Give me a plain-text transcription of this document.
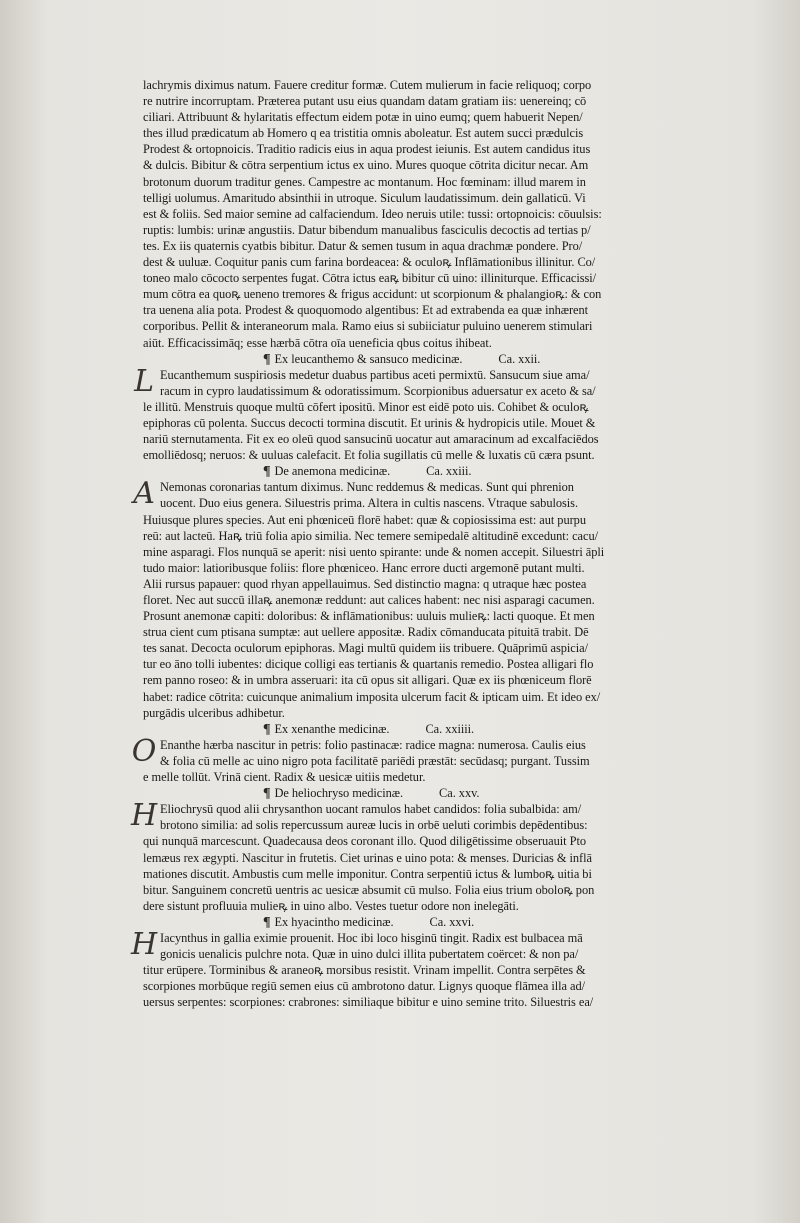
lachrymis diximus natum. Fauere creditur formæ. Cutem mulierum in facie reliquoq; corpo
re nutrire incorruptam. Præterea putant usu eius quandam datam gratiam iis: uenereinq; cō
ciliari. Attribuunt & hylaritatis effectum eidem potæ in uino eumq; quem habuerit Nepen/
thes illud prædicatum ab Homero q ea tristitia omnis aboleatur. Est autem succi prædulcis
Prodest & ortopnoicis. Traditio radicis eius in aqua prodest ieiunis. Est autem candidus itus
& dulcis. Bibitur & cōtra serpentium ictus ex uino. Mures quoque cōtrita dicitur necar. Am
brotonum duorum traditur genes. Campestre ac montanum. Hoc fœminam: illud marem in
telligi uolumus. Amaritudo absinthii in utroque. Siculum laudatissimum. dein gallaticū. Vi
est & foliis. Sed maior semine ad calfaciendum. Ideo neruis utile: tussi: ortopnoicis: cōuulsis:
ruptis: lumbis: urinæ angustiis. Datur bibendum manualibus fasciculis decoctis ad tertias p/
tes. Ex iis quaternis cyatbis bibitur. Datur & semen tusum in aqua drachmæ pondere. Pro/
dest & uuluæ. Coquitur panis cum farina bordeacea: & oculoꝶ Inflāmationibus illinitur. Co/
toneo malo cōcocto serpentes fugat. Cōtra ictus eaꝶ bibitur cū uino: illiniturque. Efficacissi/
mum cōtra ea quoꝶ ueneno tremores & frigus accidunt: ut scorpionum & phalangioꝶ: & con
tra uenena alia pota. Prodest & quoquomodo algentibus: Et ad extrabenda ea quæ inhærent
corporibus. Pellit & interaneorum mala. Ramo eius si subiiciatur puluino uenerem stimulari
aiūt. Efficacissimāq; esse hærbā cōtra oīa ueneficia qbus coitus ihibeat.
¶ Ex leucanthemo & sansuco medicinæ.	Ca. xxii.
L Eucanthemum suspiriosis medetur duabus partibus aceti permixtū. Sansucum siue ama/
racum in cypro laudatissimum & odoratissimum. Scorpionibus aduersatur ex aceto & sa/
le illitū. Menstruis quoque multū cōfert ipositū. Minor est eidē poto uis. Cohibet & oculoꝶ
epiphoras cū polenta. Succus decocti tormina discutit. Et urinis & hydropicis utile. Mouet &
nariū sternutamenta. Fit ex eo oleū quod sansucinū uocatur aut amaracinum ad excalfaciēdos
emolliēdosq; neruos: & uuluas calefacit. Et folia sugillatis cū melle & luxatis cū cæra psunt.
¶ De anemona medicinæ.	Ca. xxiii.
A Nemonas coronarias tantum diximus. Nunc reddemus & medicas. Sunt qui phrenion
uocent. Duo eius genera. Siluestris prima. Altera in cultis nascens. Vtraque sabulosis.
Huiusque plures species. Aut eni phœniceū florē habet: quæ & copiosissima est: aut purpu
reū: aut lacteū. Haꝶ triū folia apio similia. Nec temere semipedalē altitudinē excedunt: cacu/
mine asparagi. Flos nunquā se aperit: nisi uento spirante: unde & nomen accepit. Siluestri āpli
tudo maior: latioribusque foliis: flore phœniceo. Hanc errore ducti argemonē putant multi.
Alii rursus papauer: quod rhyan appellauimus. Sed distinctio magna: q utraque hæc postea
floret. Nec aut succū illaꝶ anemonæ reddunt: aut calices habent: nec nisi asparagi cacumen.
Prosunt anemonæ capiti: doloribus: & inflāmationibus: uuluis mulieꝶ: lacti quoque. Et men
strua cient cum ptisana sumptæ: aut uellere appositæ. Radix cōmanducata pituitā trabit. Dē
tes sanat. Decocta oculorum epiphoras. Magi multū quidem iis tribuere. Quāprimū aspicia/
tur eo āno tolli iubentes: dicique colligi eas tertianis & quartanis remedio. Postea alligari flo
rem panno roseo: & in umbra asseruari: ita cū opus sit alligari. Quæ ex iis phœniceum florē
habet: radice cōtrita: cuicunque animalium imposita ulcerum facit & ipticam uim. Et ideo ex/
purgādis ulceribus adhibetur.
¶ Ex xenanthe medicinæ.	Ca. xxiiii.
O Enanthe hærba nascitur in petris: folio pastinacæ: radice magna: numerosa. Caulis eius
& folia cū melle ac uino nigro pota facilitatē pariēdi præstāt: secūdasq; purgant. Tussim
e melle tollūt. Vrinā cient. Radix & uesicæ uitiis medetur.
¶ De heliochryso medicinæ.	Ca. xxv.
H Eliochrysū quod alii chrysanthon uocant ramulos habet candidos: folia subalbida: am/
brotono similia: ad solis repercussum aureæ lucis in orbē ueluti corimbis depēdentibus:
qui nunquā marcescunt. Quadecausa deos coronant illo. Quod diligētissime obseruauit Pto
lemæus rex ægypti. Nascitur in frutetis. Ciet urinas e uino pota: & menses. Duricias & inflā
mationes discutit. Ambustis cum melle imponitur. Contra serpentiū ictus & lumboꝶ uitia bi
bitur. Sanguinem concretū uentris ac uesicæ absumit cū mulso. Folia eius trium oboloꝶ pon
dere sistunt profluuia mulieꝶ in uino albo. Vestes tuetur odore non inelegāti.
¶ Ex hyacintho medicinæ.	Ca. xxvi.
H Iacynthus in gallia eximie prouenit. Hoc ibi loco hisginū tingit. Radix est bulbacea mā
gonicis uenalicis pulchre nota. Quæ in uino dulci illita pubertatem coërcet: & non pa/
titur erūpere. Torminibus & araneoꝶ morsibus resistit. Vrinam impellit. Contra serpētes &
scorpiones morbūque regiū semen eius cū ambrotono datur. Lignys quoque flāmea illa ad/
uersus serpentes: scorpiones: crabrones: similiaque bibitur e uino semine trito. Siluestris ea/
